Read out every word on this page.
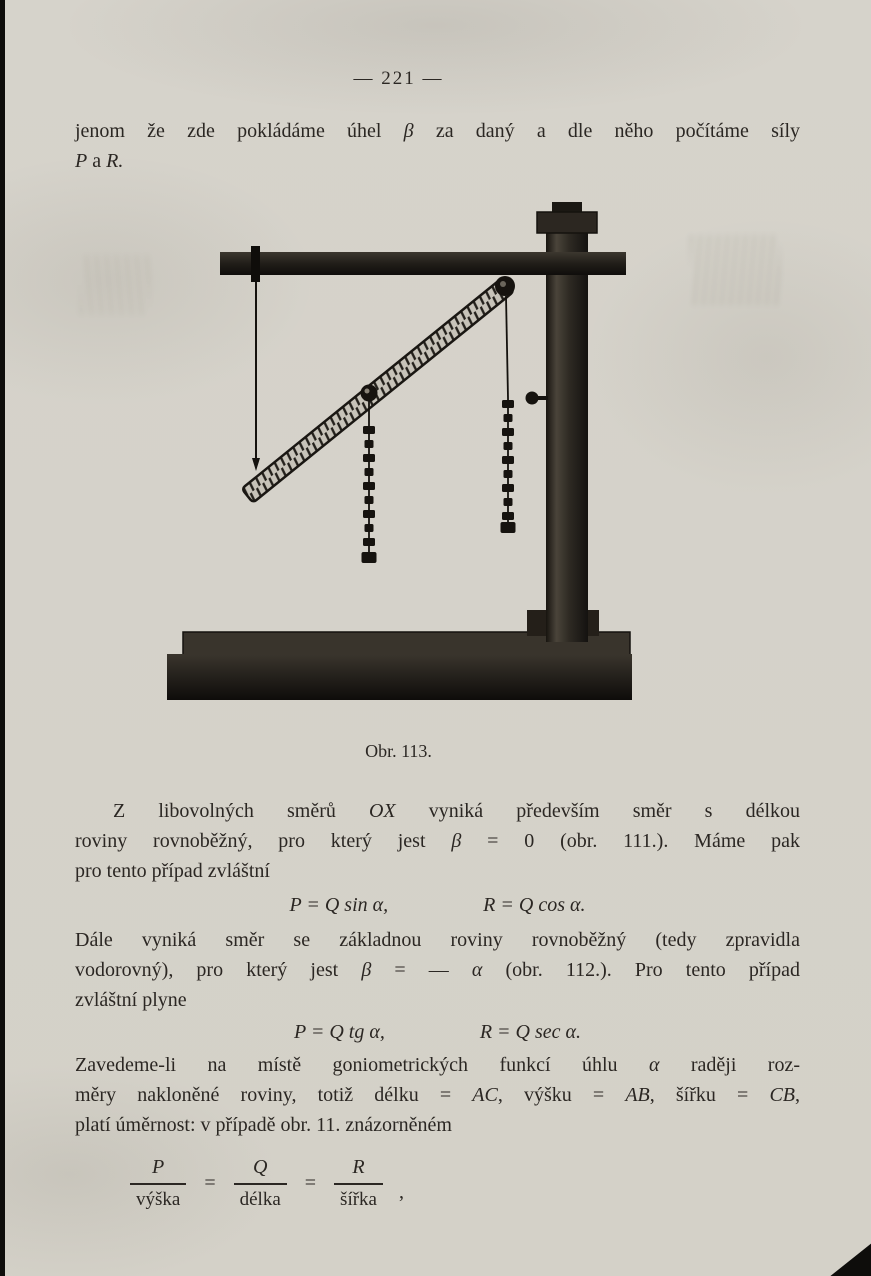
— 221 —
jenom že zde pokládáme úhel β za daný a dle něho počítáme síly
P a R.
Obr. 113.
Z libovolných směrů OX vyniká především směr s délkou
roviny rovnoběžný, pro který jest β = 0 (obr. 111.). Máme pak
pro tento případ zvláštní
P = Q sin α,	R = Q cos α.
Dále vyniká směr se základnou roviny rovnoběžný (tedy zpravidla
vodorovný), pro který jest β = — α (obr. 112.). Pro tento případ
zvláštní plyne
P = Q tg α,	R = Q sec α.
Zavedeme-li na místě goniometrických funkcí úhlu α raději roz-
měry nakloněné roviny, totiž délku = AC, výšku = AB, šířku = CB,
platí úměrnost: v případě obr. 11. znázorněném
$\frac{P}{\text{výška}} = \frac{Q}{\text{délka}} = \frac{R}{\text{šířka}}$ ,
